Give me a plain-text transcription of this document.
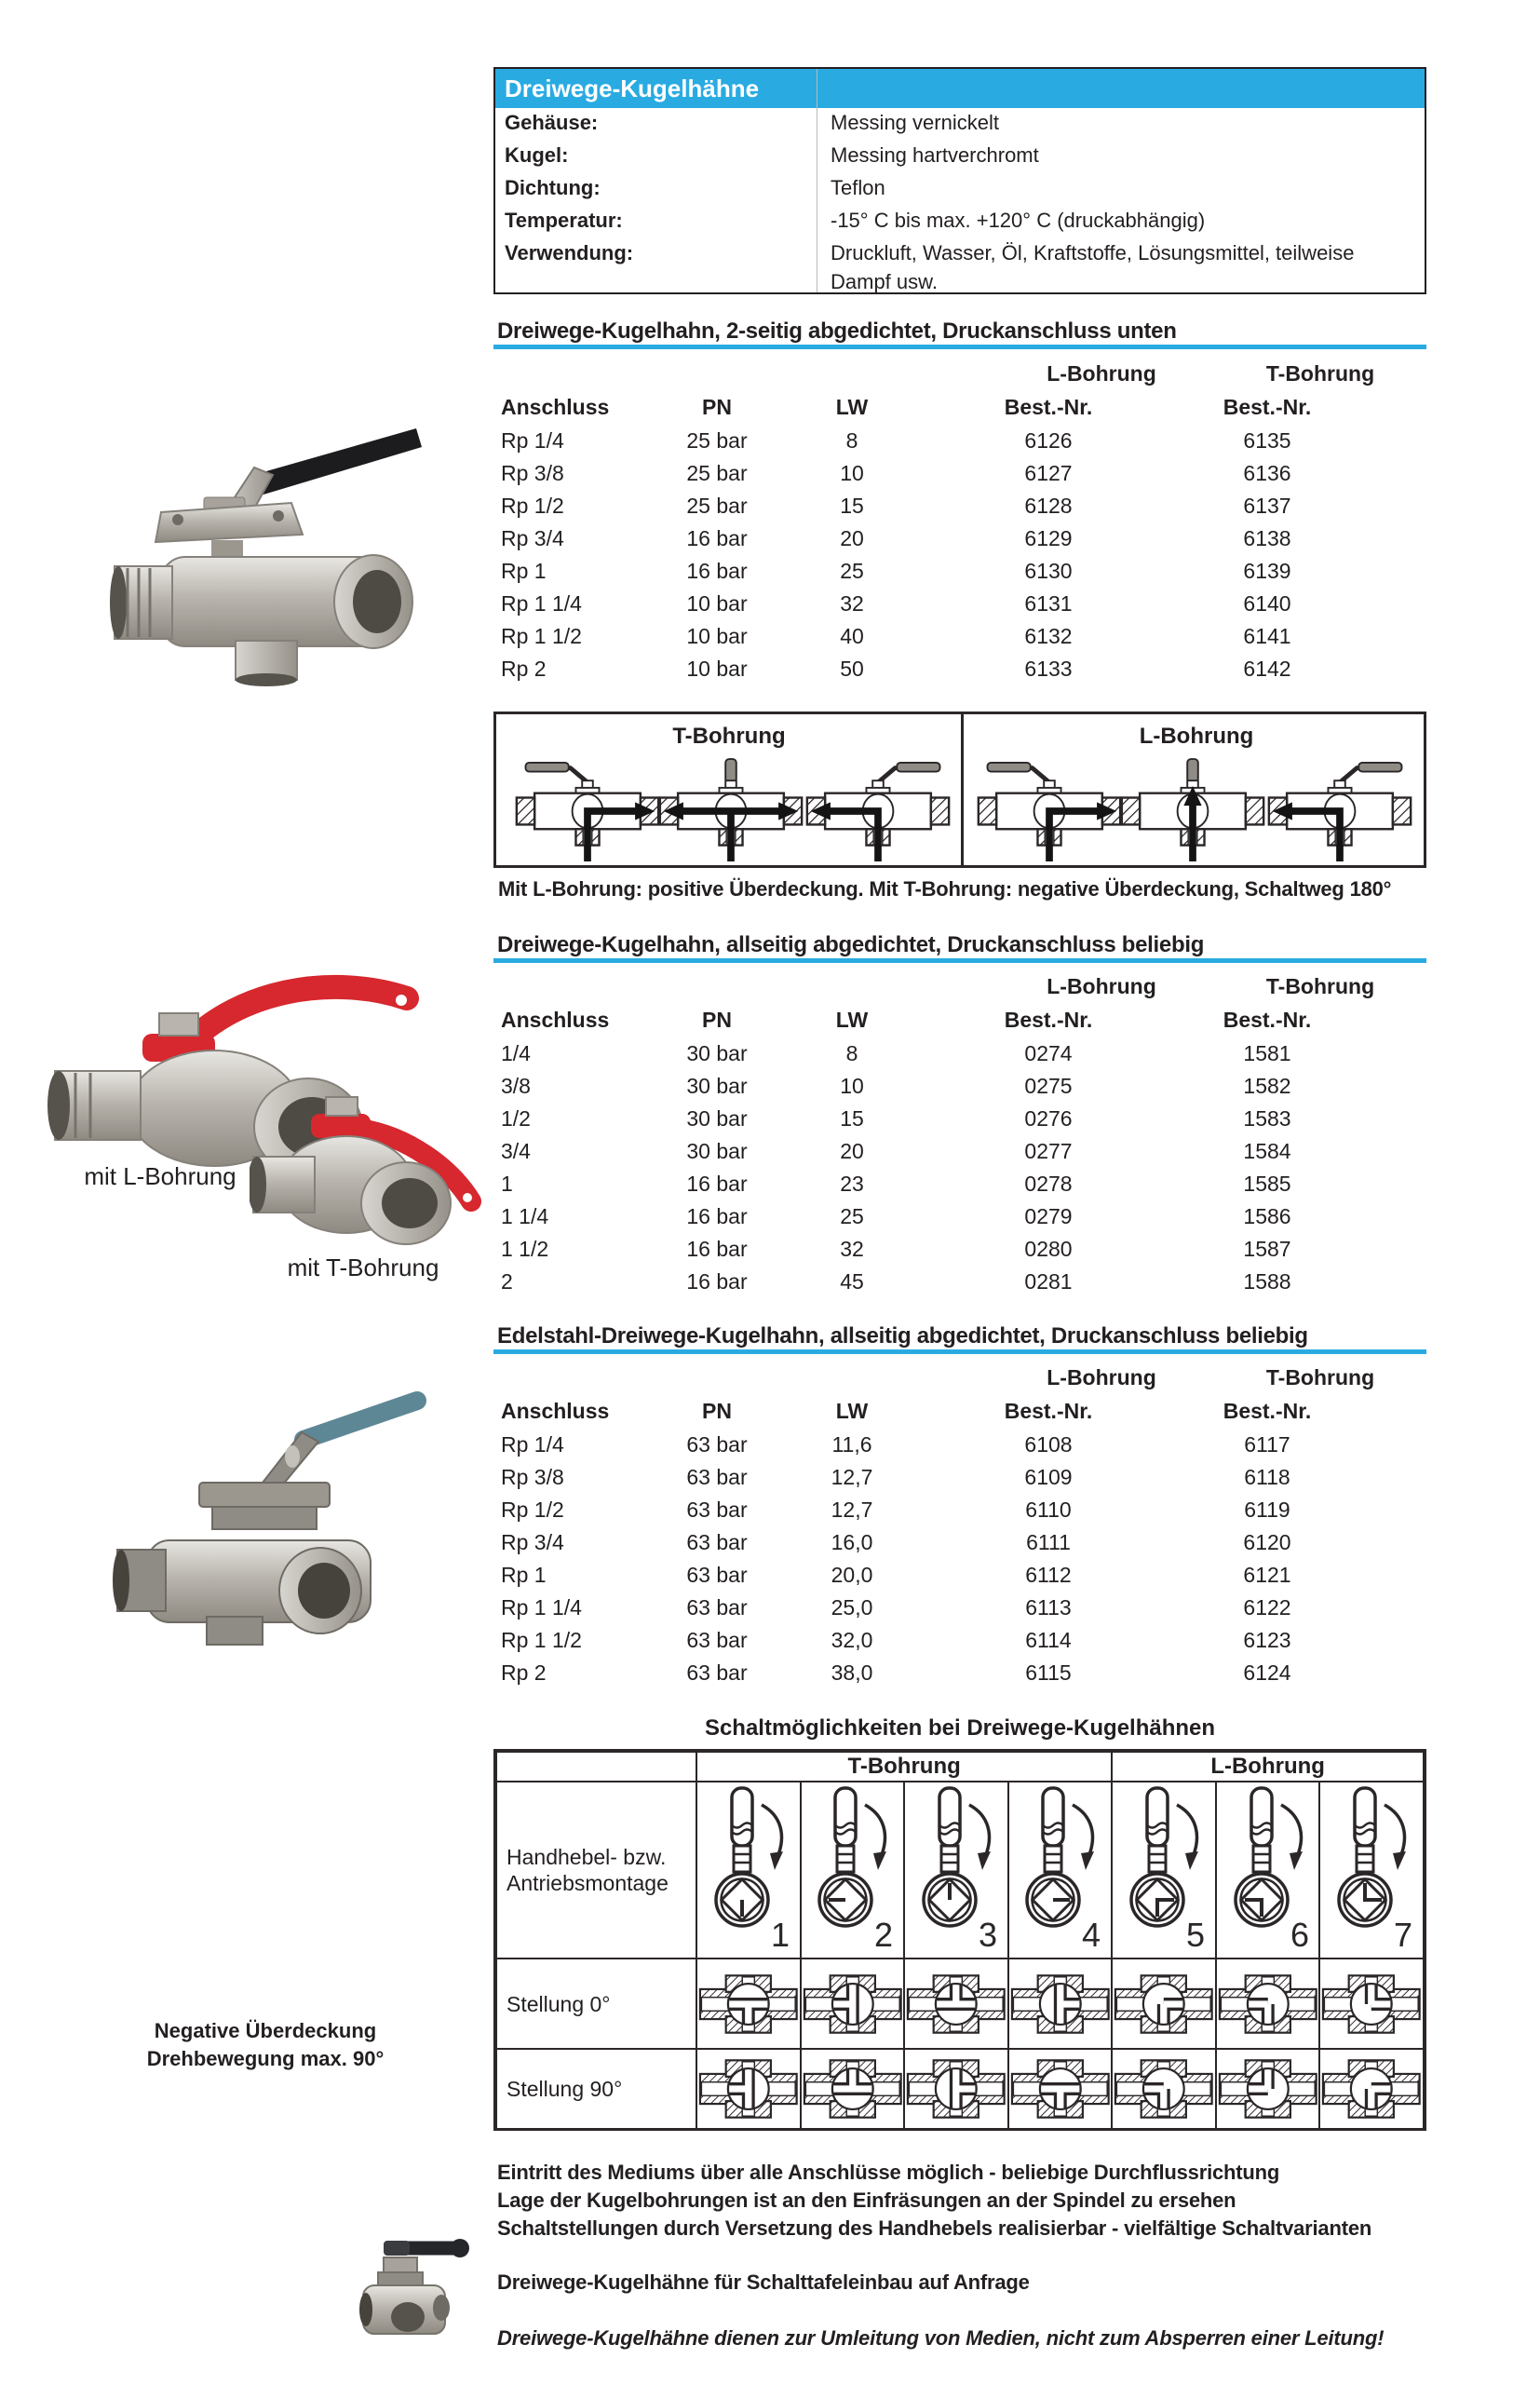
Dreiwege-Kugelhähne
Gehäuse:	Messing vernickelt
Kugel:	Messing hartverchromt
Dichtung:	Teflon
Temperatur:	-15° C bis max. +120° C (druckabhängig)
Verwendung:	Druckluft, Wasser, Öl, Kraftstoffe, Lösungsmittel, teilweise Dampf usw.
Dreiwege-Kugelhahn, 2-seitig abgedichtet, Druckanschluss unten
L-Bohrung	T-Bohrung
Anschluss	PN	LW	Best.-Nr.	Best.-Nr.
Rp 1/4	25 bar	8	6126	6135
Rp 3/8	25 bar	10	6127	6136
Rp 1/2	25 bar	15	6128	6137
Rp 3/4	16 bar	20	6129	6138
Rp 1	16 bar	25	6130	6139
Rp 1 1/4	10 bar	32	6131	6140
Rp 1 1/2	10 bar	40	6132	6141
Rp 2	10 bar	50	6133	6142
T-Bohrung	L-Bohrung
Mit L-Bohrung: positive Überdeckung. Mit T-Bohrung: negative Überdeckung, Schaltweg 180°
Dreiwege-Kugelhahn, allseitig abgedichtet, Druckanschluss beliebig
L-Bohrung	T-Bohrung
Anschluss	PN	LW	Best.-Nr.	Best.-Nr.
1/4	30 bar	8	0274	1581
3/8	30 bar	10	0275	1582
1/2	30 bar	15	0276	1583
3/4	30 bar	20	0277	1584
1	16 bar	23	0278	1585
1 1/4	16 bar	25	0279	1586
1 1/2	16 bar	32	0280	1587
2	16 bar	45	0281	1588
Edelstahl-Dreiwege-Kugelhahn, allseitig abgedichtet, Druckanschluss beliebig
L-Bohrung	T-Bohrung
Anschluss	PN	LW	Best.-Nr.	Best.-Nr.
Rp 1/4	63 bar	11,6	6108	6117
Rp 3/8	63 bar	12,7	6109	6118
Rp 1/2	63 bar	12,7	6110	6119
Rp 3/4	63 bar	16,0	6111	6120
Rp 1	63 bar	20,0	6112	6121
Rp 1 1/4	63 bar	25,0	6113	6122
Rp 1 1/2	63 bar	32,0	6114	6123
Rp 2	63 bar	38,0	6115	6124
Schaltmöglichkeiten bei Dreiwege-Kugelhähnen
T-Bohrung	L-Bohrung
Handhebel- bzw.
Antriebsmontage
1	2	3	4	5	6	7
Stellung 0°
Stellung 90°
Negative Überdeckung
Drehbewegung max. 90°
Eintritt des Mediums über alle Anschlüsse möglich - beliebige Durchflussrichtung
Lage der Kugelbohrungen ist an den Einfräsungen an der Spindel zu ersehen
Schaltstellungen durch Versetzung des Handhebels realisierbar - vielfältige Schaltvarianten
Dreiwege-Kugelhähne für Schalttafeleinbau auf Anfrage
Dreiwege-Kugelhähne dienen zur Umleitung von Medien, nicht zum Absperren einer Leitung!
mit L-Bohrung
mit T-Bohrung
